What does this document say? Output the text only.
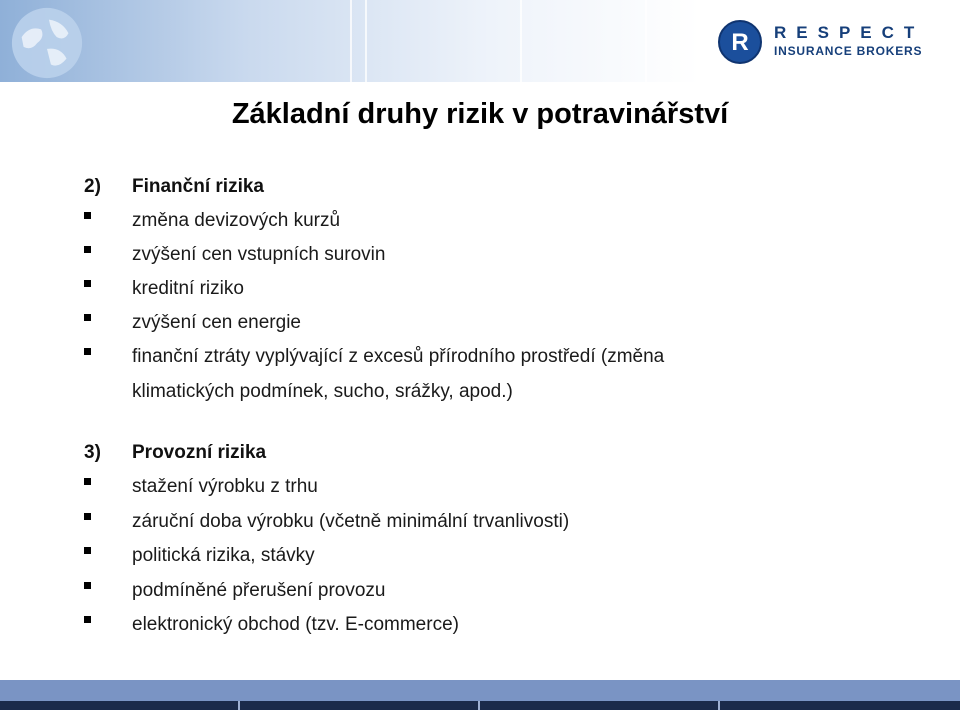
R RESPECT
INSURANCE BROKERS
Základní druhy rizik v potravinářství
2) Finanční rizika
změna devizových kurzů
zvýšení cen vstupních surovin
kreditní riziko
zvýšení cen energie
finanční ztráty vyplývající z excesů přírodního prostředí (změna
klimatických podmínek, sucho, srážky, apod.)
3) Provozní rizika
stažení výrobku z trhu
záruční doba výrobku (včetně minimální trvanlivosti)
politická rizika, stávky
podmíněné přerušení provozu
elektronický obchod (tzv. E-commerce)
